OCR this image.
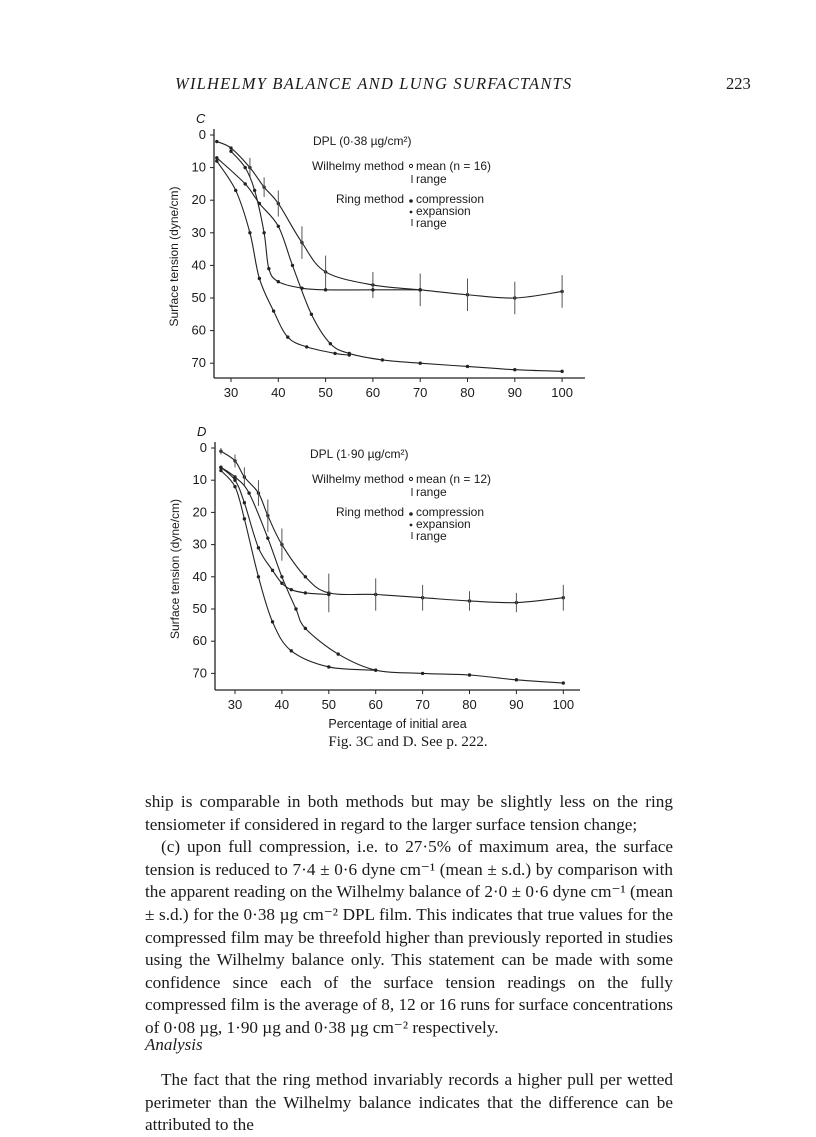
WILHELMY BALANCE AND LUNG SURFACTANTS	223
C
0
10
20
30
40
50
60
70
30	40	50	60	70	80	90 100
Surface tension (dyne/cm)
DPL (0·38 µg/cm²)
Wilhelmy method mean (n = 16)
range
Ring method compression
expansion
range
D
0
10
20
30
40
50
60
70
30 40 50 60 70 80 90 100
Surface tension (dyne/cm)
Percentage of initial area
DPL (1·90 µg/cm²)
Wilhelmy method mean (n = 12)
range
Ring method compression
expansion
range
Fig. 3C and D. See p. 222.

ship is comparable in both methods but may be slightly less on the ring tensiometer if considered in regard to the larger surface tension change;

(c) upon full compression, i.e. to 27·5% of maximum area, the surface tension is reduced to 7·4 ± 0·6 dyne cm⁻¹ (mean ± s.d.) by comparison with the apparent reading on the Wilhelmy balance of 2·0 ± 0·6 dyne cm⁻¹ (mean ± s.d.) for the 0·38 µg cm⁻² DPL film. This indicates that true values for the compressed film may be threefold higher than previously reported in studies using the Wilhelmy balance only. This statement can be made with some confidence since each of the surface tension readings on the fully compressed film is the average of 8, 12 or 16 runs for surface concentrations of 0·08 µg, 1·90 µg and 0·38 µg cm⁻² respectively.

Analysis

The fact that the ring method invariably records a higher pull per wetted perimeter than the Wilhelmy balance indicates that the difference can be attributed to the
